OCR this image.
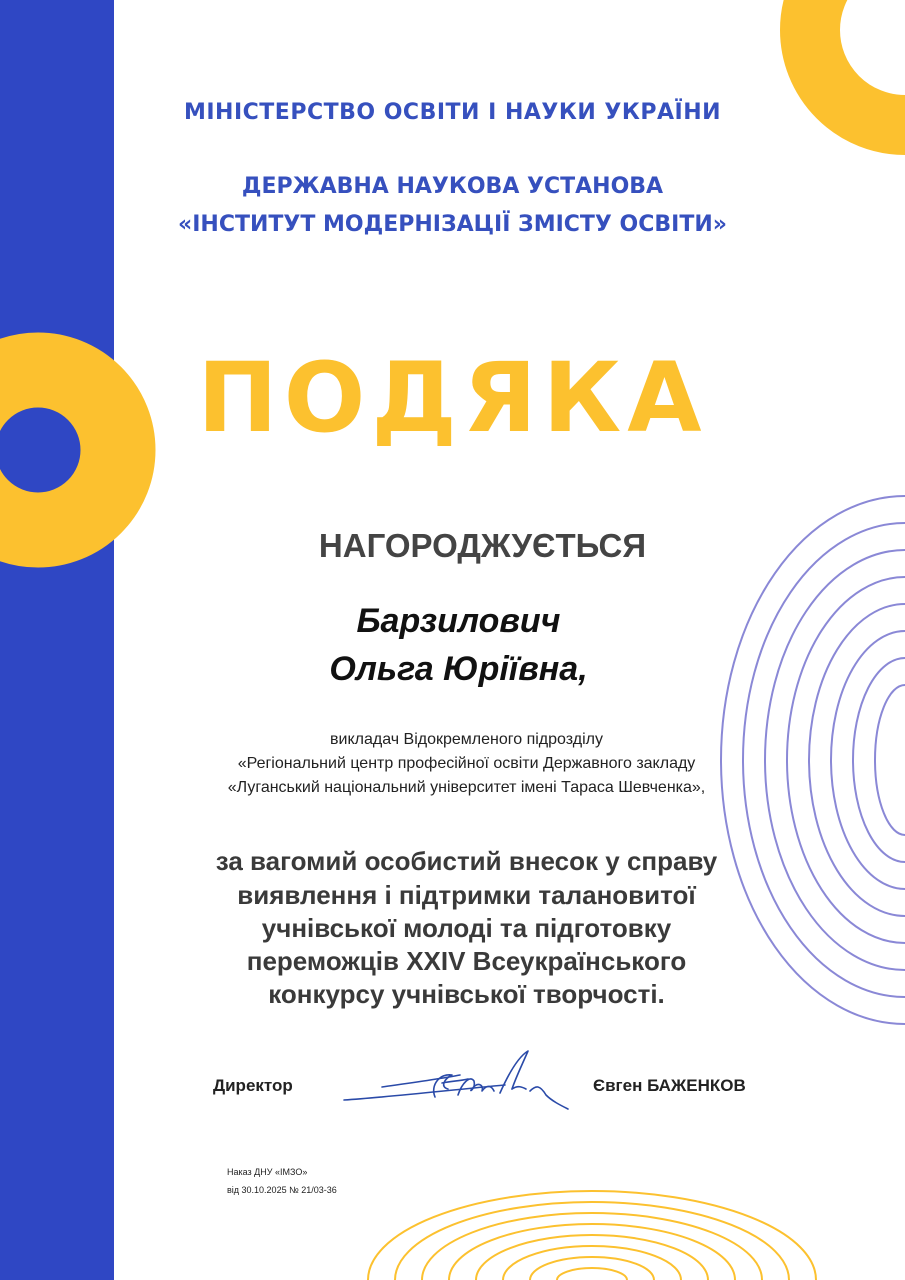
МІНІСТЕРСТВО ОСВІТИ І НАУКИ УКРАЇНИ
ДЕРЖАВНА НАУКОВА УСТАНОВА
«ІНСТИТУТ МОДЕРНІЗАЦІЇ ЗМІСТУ ОСВІТИ»
ПОДЯКА
НАГОРОДЖУЄТЬСЯ
Барзилович
Ольга Юріївна,
викладач Відокремленого підрозділу
«Регіональний центр професійної освіти Державного закладу
«Луганський національний університет імені Тараса Шевченка»,
за вагомий особистий внесок у справу
виявлення і підтримки талановитої
учнівської молоді та підготовку
переможців XXIV Всеукраїнського
конкурсу учнівської творчості.
Директор	Євген БАЖЕНКОВ
Наказ ДНУ «ІМЗО»
від 30.10.2025 № 21/03-36
